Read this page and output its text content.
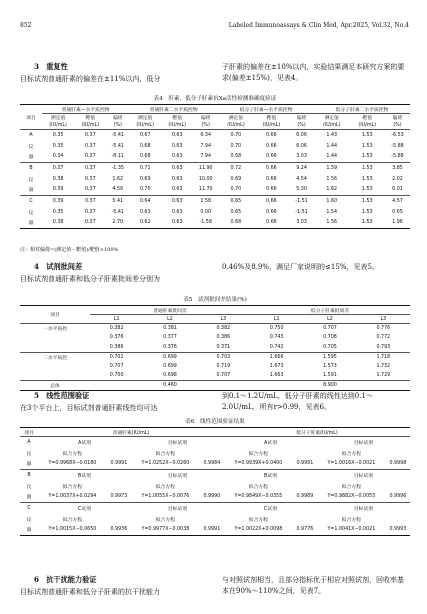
852	Labeled Immunoassays & Clin Med, Apr.2025, Vol.32, No.4
3　重复性
目标试剂普通肝素的偏差在±11%以内，低分
子肝素的偏差在±10%以内，实验结果满足本研究方案的要求(偏差±15%)，见表4。
表4　肝素、低分子肝素抗Xa活性检测准确度验证
项目	普通肝素—水平质控物			普通肝素二水平质控物			低分子肝素—水平质控物			低分子肝素二水平质控物		
	测定值	靶值	偏倚	测定值	靶值	偏倚	测定值	靶值	偏倚	测定值	靶值	偏倚
	(IU/mL)	(IU/mL)	(%)	(IU/mL)	(IU/mL)	(%)	(IU/mL)	(IU/mL)	(%)	(IU/mL)	(IU/mL)	(%)
A	0.35	0.37	-5.41	0.67	0.63	6.34	0.70	0.66	6.06	1.43	1.53	-6.53
仪	0.35	0.37	-5.41	0.68	0.63	7.94	0.70	0.66	6.06	1.44	1.53	-5.88
器	0.34	0.37	-8.11	0.68	0.63	7.94	0.68	0.66	3.03	1.44	1.53	-5.88
B	0.37	0.37	-1.35	0.71	0.63	11.90	0.72	0.66	9.24	1.59	1.53	3.85
仪	0.38	0.37	1.62	0.69	0.63	10.00	0.69	0.66	4.54	1.56	1.53	2.02
器	0.39	0.37	4.59	0.70	0.63	11.70	0.70	0.66	5.30	1.62	1.53	6.01
C	0.39	0.37	5.41	0.64	0.63	1.58	0.65	0.66	-1.51	1.60	1.53	4.57
仪	0.35	0.37	-5.41	0.63	0.63	0.00	0.65	0.66	-1.51	1.54	1.53	0.65
器	0.38	0.37	2.70	0.62	0.63	-1.58	0.68	0.66	3.03	1.56	1.53	1.96
注：相对偏倚=(测定值－靶值)/靶值×100%
4　试剂批间差
目标试剂普通肝素和低分子肝素批间差分别为
0.46%及8.9%，满足厂家说明的≤15%，见表5。
表5　试剂批间差结果(%)
项目	普通肝素批间差			低分子肝素批间差		
	L1	L2	L3	L1	L2	L3
一水平质控	0.382	0.381	0.382	0.750	0.707	0.776
	0.376	0.377	0.386	0.743	0.708	0.772
	0.386	0.376	0.371	0.742	0.705	0.793
二水平质控	0.702	0.699	0.703	1.666	1.595	1.718
	0.707	0.699	0.719	1.673	1.573	1.732
	0.700	0.698	0.707	1.663	1.591	1.729
总体	0.460			8.900		
5　线性范围验证
在3个平台上，目标试剂普通肝素线性均可达
到0.1～1.2U/mL，低分子肝素的线性达到0.1～2.0U/mL，所有r>0.99，见表6。
表6　线性范围验证结果
项目	普通肝素(IU/mL)				低分子肝素(IU/mL)			
A	A试剂		目标试剂		A试剂		目标试剂	
仪	拟合方程		拟合方程		拟合方程		拟合方程	
器	Y=0.9968X−0.0180	0.9991	Y=1.0252X−0.0260	0.9984	Y=0.9939X+0.0400	0.9991	Y=1.0016X−0.0021	0.9998
B	B试剂		目标试剂		B试剂		目标试剂	
仪	拟合方程		拟合方程		拟合方程		拟合方程	
器	Y=1.0037X+0.0294	0.9973	Y=1.0055X−0.0076	0.9990	Y=0.9849X−0.0355	0.9989	Y=0.9882X−0.0055	0.9996
C	C试剂		目标试剂		C试剂		目标试剂	
仪	拟合方程		拟合方程		拟合方程		拟合方程	
器	Y=1.0015X−0.0650	0.9936	Y=0.9977X−0.0038	0.9991	Y=1.0022X+0.0098	0.9776	Y=1.0041X−0.0021	0.9993
6　抗干扰能力验证
目标试剂普通肝素和低分子肝素的抗干扰能力
与对照试剂相当，且部分指标优于相应对照试剂，回收率基本在90%～110%之间，见表7。
